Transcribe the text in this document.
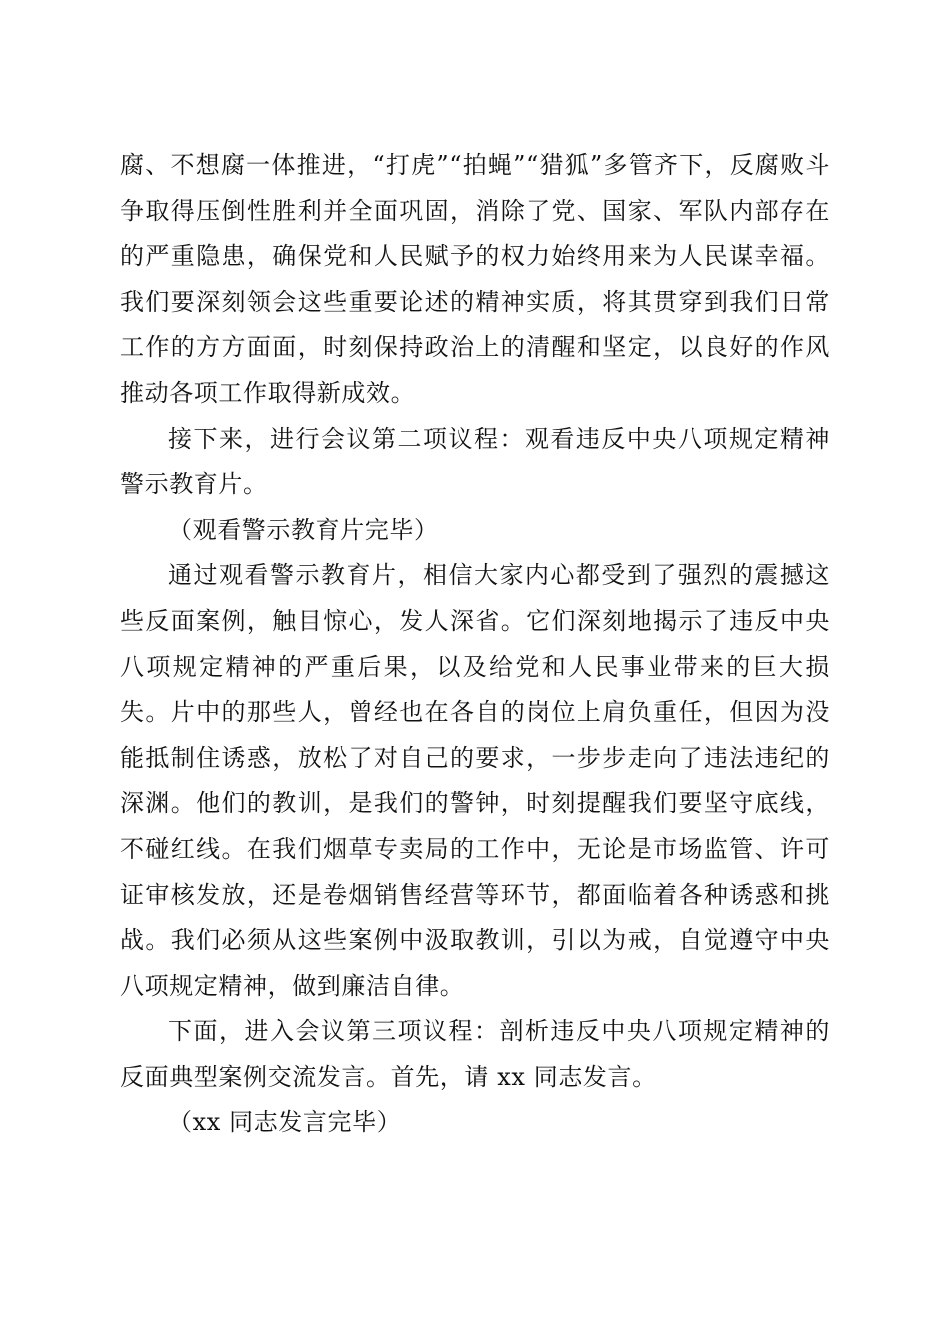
腐、不想腐一体推进，“打虎”“拍蝇”“猎狐”多管齐下，反腐败斗争取得压倒性胜利并全面巩固，消除了党、国家、军队内部存在的严重隐患，确保党和人民赋予的权力始终用来为人民谋幸福。我们要深刻领会这些重要论述的精神实质，将其贯穿到我们日常工作的方方面面，时刻保持政治上的清醒和坚定，以良好的作风推动各项工作取得新成效。

接下来，进行会议第二项议程：观看违反中央八项规定精神警示教育片。

（观看警示教育片完毕）

通过观看警示教育片，相信大家内心都受到了强烈的震撼这些反面案例，触目惊心，发人深省。它们深刻地揭示了违反中央八项规定精神的严重后果，以及给党和人民事业带来的巨大损失。片中的那些人，曾经也在各自的岗位上肩负重任，但因为没能抵制住诱惑，放松了对自己的要求，一步步走向了违法违纪的深渊。他们的教训，是我们的警钟，时刻提醒我们要坚守底线，不碰红线。在我们烟草专卖局的工作中，无论是市场监管、许可证审核发放，还是卷烟销售经营等环节，都面临着各种诱惑和挑战。我们必须从这些案例中汲取教训，引以为戒，自觉遵守中央八项规定精神，做到廉洁自律。

下面，进入会议第三项议程：剖析违反中央八项规定精神的反面典型案例交流发言。首先，请 xx 同志发言。

（xx 同志发言完毕）
